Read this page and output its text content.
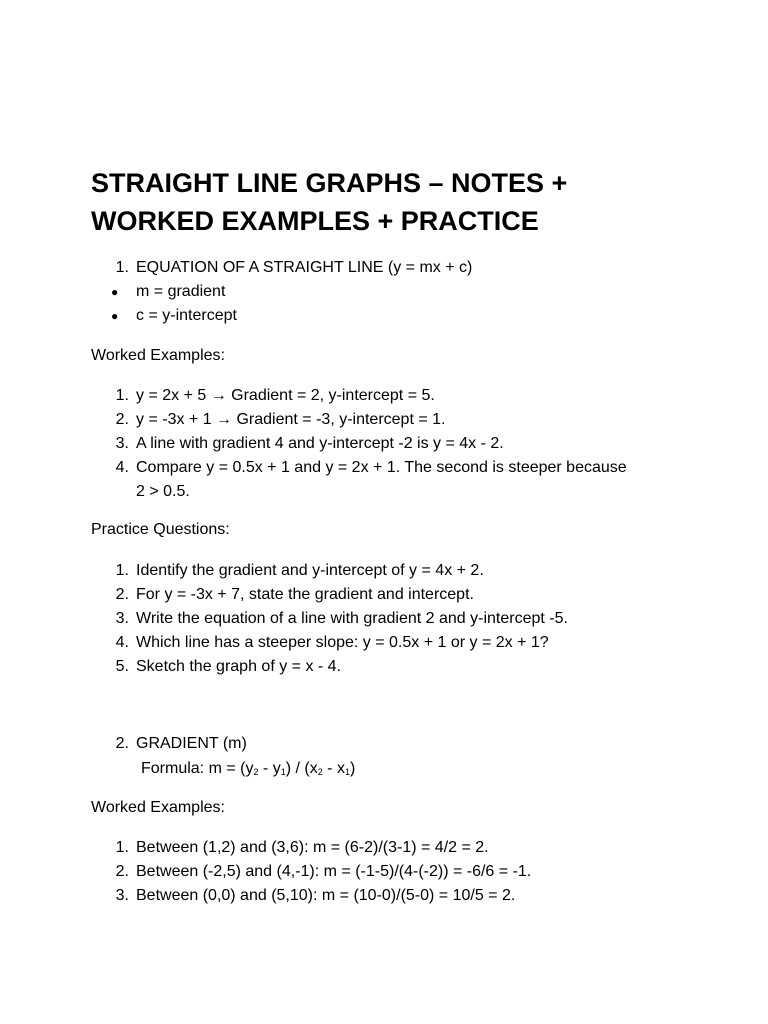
STRAIGHT LINE GRAPHS – NOTES +
WORKED EXAMPLES + PRACTICE
1. EQUATION OF A STRAIGHT LINE (y = mx + c)
● m = gradient
● c = y-intercept
Worked Examples:
1. y = 2x + 5 → Gradient = 2, y-intercept = 5.
2. y = -3x + 1 → Gradient = -3, y-intercept = 1.
3. A line with gradient 4 and y-intercept -2 is y = 4x - 2.
4. Compare y = 0.5x + 1 and y = 2x + 1. The second is steeper because
2 > 0.5.
Practice Questions:
1. Identify the gradient and y-intercept of y = 4x + 2.
2. For y = -3x + 7, state the gradient and intercept.
3. Write the equation of a line with gradient 2 and y-intercept -5.
4. Which line has a steeper slope: y = 0.5x + 1 or y = 2x + 1?
5. Sketch the graph of y = x - 4.
2. GRADIENT (m)
Formula: $m = (y_2 - y_1) / (x_2 - x_1)$
Worked Examples:
1. Between (1,2) and (3,6): m = (6-2)/(3-1) = 4/2 = 2.
2. Between (-2,5) and (4,-1): m = (-1-5)/(4-(-2)) = -6/6 = -1.
3. Between (0,0) and (5,10): m = (10-0)/(5-0) = 10/5 = 2.
